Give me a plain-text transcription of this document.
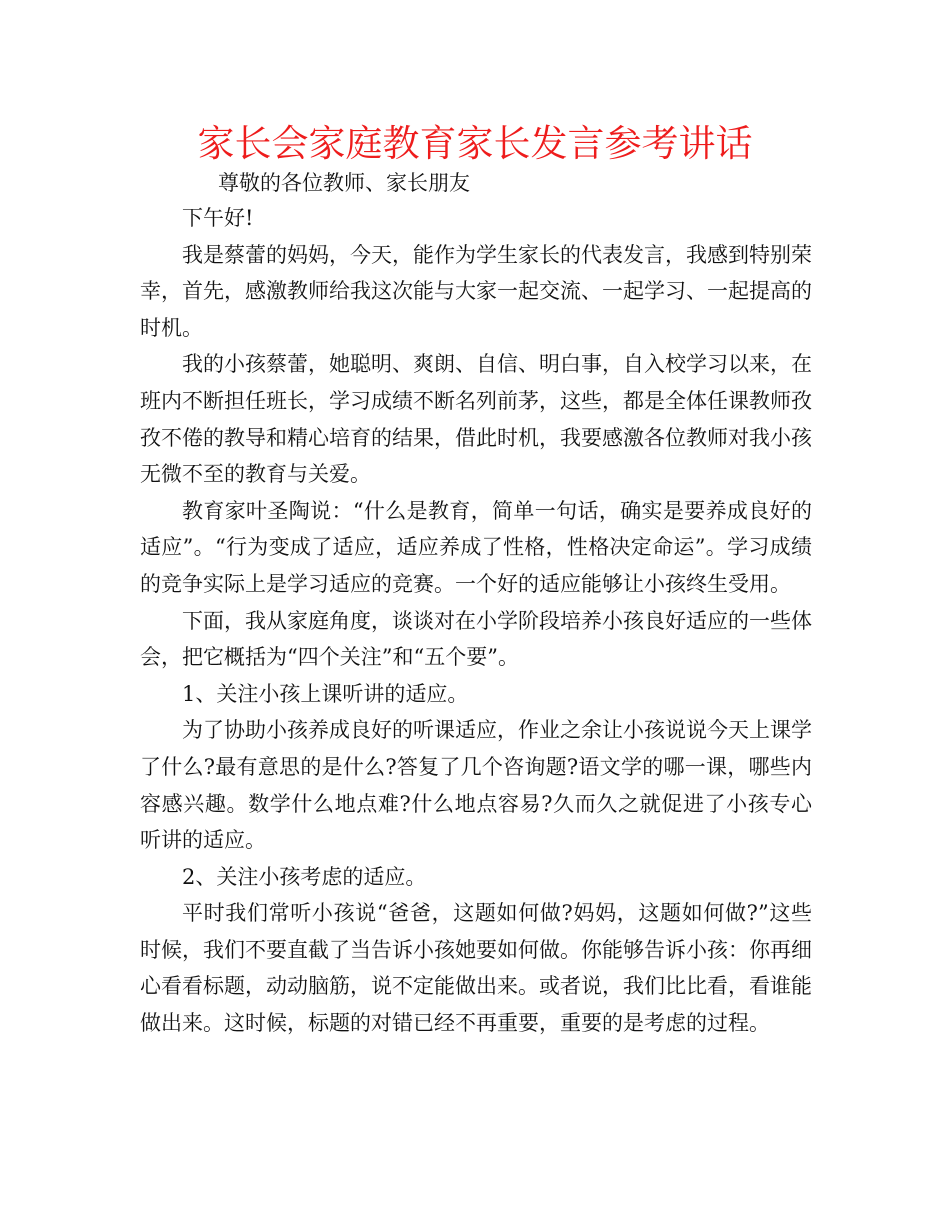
家长会家庭教育家长发言参考讲话

尊敬的各位教师、家长朋友

下午好!

我是蔡蕾的妈妈，今天，能作为学生家长的代表发言，我感到特别荣幸，首先，感激教师给我这次能与大家一起交流、一起学习、一起提高的时机。

我的小孩蔡蕾，她聪明、爽朗、自信、明白事，自入校学习以来，在班内不断担任班长，学习成绩不断名列前茅，这些，都是全体任课教师孜孜不倦的教导和精心培育的结果，借此时机，我要感激各位教师对我小孩无微不至的教育与关爱。

教育家叶圣陶说：“什么是教育，简单一句话，确实是要养成良好的适应”。“行为变成了适应，适应养成了性格，性格决定命运”。学习成绩的竞争实际上是学习适应的竞赛。一个好的适应能够让小孩终生受用。

下面，我从家庭角度，谈谈对在小学阶段培养小孩良好适应的一些体会，把它概括为“四个关注”和“五个要”。

1、关注小孩上课听讲的适应。

为了协助小孩养成良好的听课适应，作业之余让小孩说说今天上课学了什么?最有意思的是什么?答复了几个咨询题?语文学的哪一课，哪些内容感兴趣。数学什么地点难?什么地点容易?久而久之就促进了小孩专心听讲的适应。

2、关注小孩考虑的适应。

平时我们常听小孩说“爸爸，这题如何做?妈妈，这题如何做?”这些时候，我们不要直截了当告诉小孩她要如何做。你能够告诉小孩：你再细心看看标题，动动脑筋，说不定能做出来。或者说，我们比比看，看谁能做出来。这时候，标题的对错已经不再重要，重要的是考虑的过程。
